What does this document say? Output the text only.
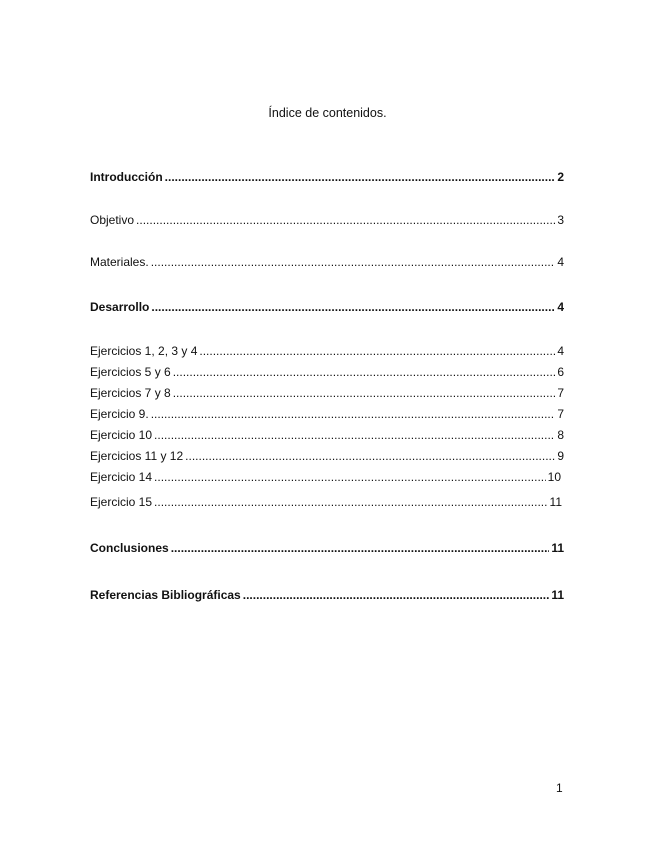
Índice de contenidos.
Introducción .....	2
Objetivo .....	3
Materiales. .....	4
Desarrollo .....	4
Ejercicios 1, 2, 3 y 4 .....	4
Ejercicios 5 y 6 .....	6
Ejercicios 7 y 8 .....	7
Ejercicio 9. .....	7
Ejercicio 10 .....	8
Ejercicios 11 y 12 .....	9
Ejercicio 14 .....	10
Ejercicio 15 .....	11
Conclusiones .....	11
Referencias Bibliográficas .....	11
1
